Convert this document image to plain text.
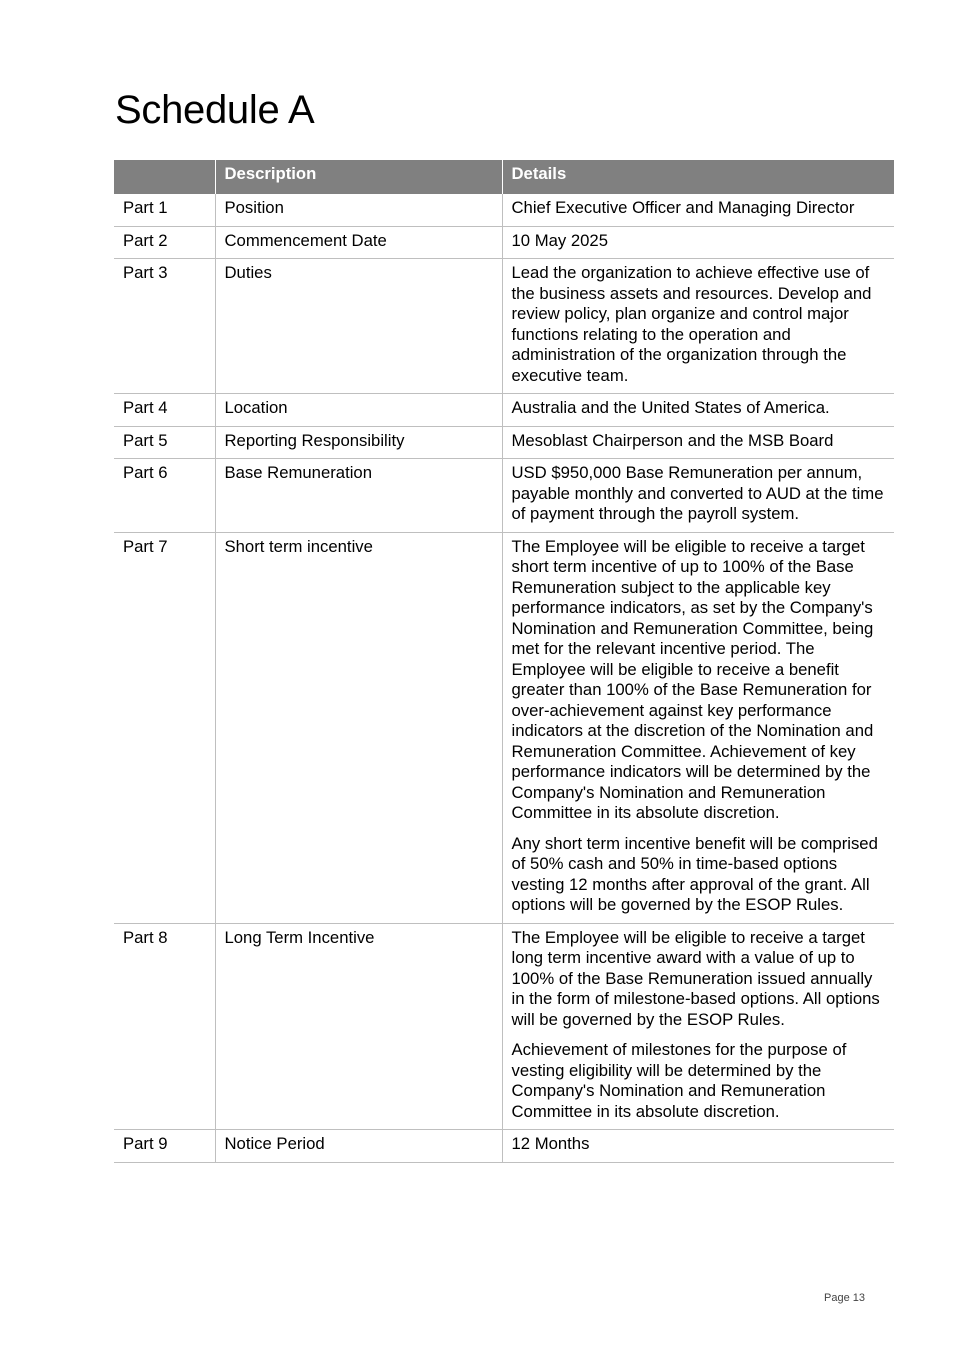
Schedule A
	Description	Details
Part 1	Position	Chief Executive Officer and Managing Director

Part 2	Commencement Date	10 May 2025

Part 3	Duties	Lead the organization to achieve effective use of the business assets and resources. Develop and review policy, plan organize and control major functions relating to the operation and administration of the organization through the executive team.

Part 4	Location	Australia and the United States of America.

Part 5	Reporting Responsibility	Mesoblast Chairperson and the MSB Board

Part 6	Base Remuneration	USD $950,000 Base Remuneration per annum, payable monthly and converted to AUD at the time of payment through the payroll system.

Part 7	Short term incentive	The Employee will be eligible to receive a target short term incentive of up to 100% of the Base Remuneration subject to the applicable key performance indicators, as set by the Company's Nomination and Remuneration Committee, being met for the relevant incentive period. The Employee will be eligible to receive a benefit greater than 100% of the Base Remuneration for over-achievement against key performance indicators at the discretion of the Nomination and Remuneration Committee. Achievement of key performance indicators will be determined by the Company's Nomination and Remuneration Committee in its absolute discretion.

Any short term incentive benefit will be comprised of 50% cash and 50% in time-based options vesting 12 months after approval of the grant. All options will be governed by the ESOP Rules.

Part 8	Long Term Incentive	The Employee will be eligible to receive a target long term incentive award with a value of up to 100% of the Base Remuneration issued annually in the form of milestone-based options. All options will be governed by the ESOP Rules.

Achievement of milestones for the purpose of vesting eligibility will be determined by the Company's Nomination and Remuneration Committee in its absolute discretion.

Part 9	Notice Period	12 Months

Page 13
